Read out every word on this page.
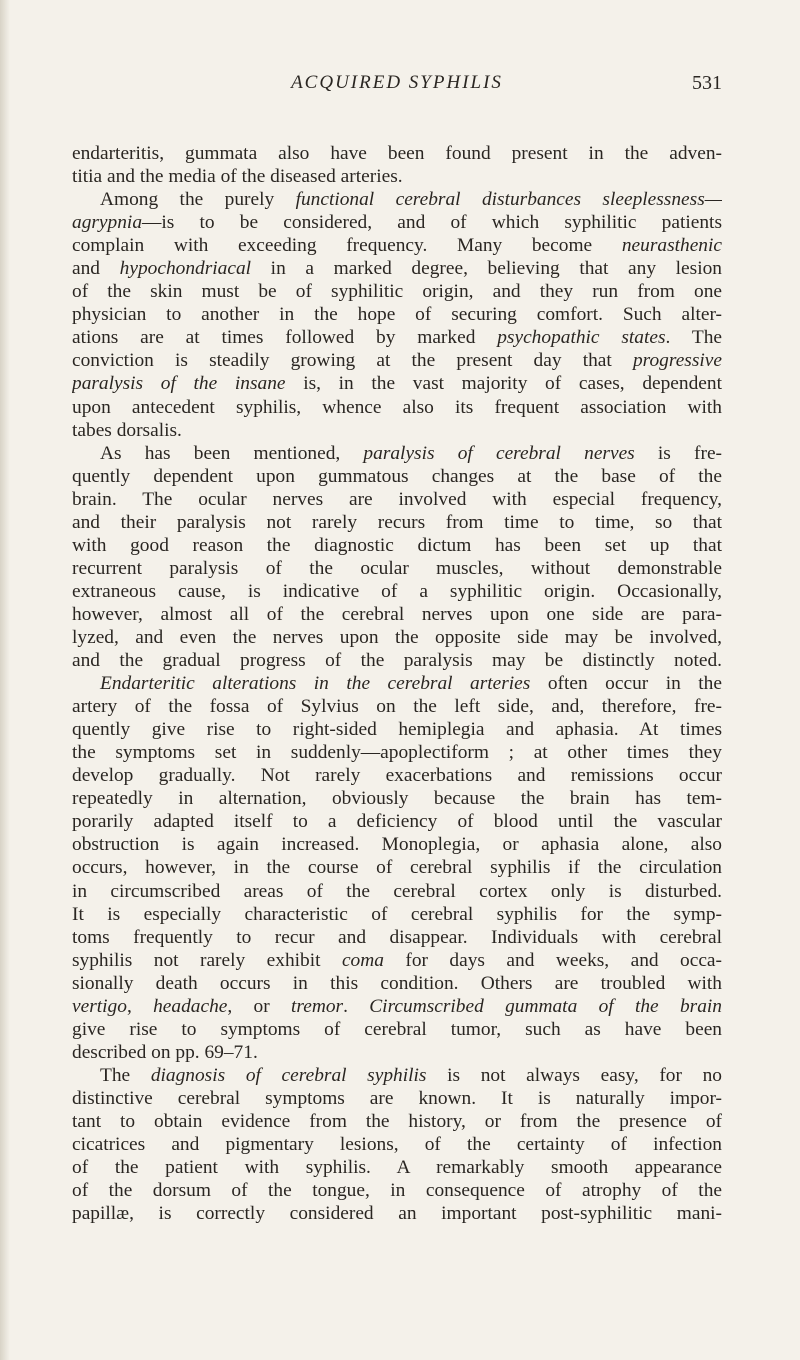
ACQUIRED SYPHILIS	531
endarteritis, gummata also have been found present in the adven-
titia and the media of the diseased arteries.
Among the purely functional cerebral disturbances sleeplessness—
agrypnia—is to be considered, and of which syphilitic patients
complain with exceeding frequency. Many become neurasthenic
and hypochondriacal in a marked degree, believing that any lesion
of the skin must be of syphilitic origin, and they run from one
physician to another in the hope of securing comfort. Such alter-
ations are at times followed by marked psychopathic states. The
conviction is steadily growing at the present day that progressive
paralysis of the insane is, in the vast majority of cases, dependent
upon antecedent syphilis, whence also its frequent association with
tabes dorsalis.
As has been mentioned, paralysis of cerebral nerves is fre-
quently dependent upon gummatous changes at the base of the
brain. The ocular nerves are involved with especial frequency,
and their paralysis not rarely recurs from time to time, so that
with good reason the diagnostic dictum has been set up that
recurrent paralysis of the ocular muscles, without demonstrable
extraneous cause, is indicative of a syphilitic origin. Occasionally,
however, almost all of the cerebral nerves upon one side are para-
lyzed, and even the nerves upon the opposite side may be involved,
and the gradual progress of the paralysis may be distinctly noted.
Endarteritic alterations in the cerebral arteries often occur in the
artery of the fossa of Sylvius on the left side, and, therefore, fre-
quently give rise to right-sided hemiplegia and aphasia. At times
the symptoms set in suddenly—apoplectiform ; at other times they
develop gradually. Not rarely exacerbations and remissions occur
repeatedly in alternation, obviously because the brain has tem-
porarily adapted itself to a deficiency of blood until the vascular
obstruction is again increased. Monoplegia, or aphasia alone, also
occurs, however, in the course of cerebral syphilis if the circulation
in circumscribed areas of the cerebral cortex only is disturbed.
It is especially characteristic of cerebral syphilis for the symp-
toms frequently to recur and disappear. Individuals with cerebral
syphilis not rarely exhibit coma for days and weeks, and occa-
sionally death occurs in this condition. Others are troubled with
vertigo, headache, or tremor. Circumscribed gummata of the brain
give rise to symptoms of cerebral tumor, such as have been
described on pp. 69–71.
The diagnosis of cerebral syphilis is not always easy, for no
distinctive cerebral symptoms are known. It is naturally impor-
tant to obtain evidence from the history, or from the presence of
cicatrices and pigmentary lesions, of the certainty of infection
of the patient with syphilis. A remarkably smooth appearance
of the dorsum of the tongue, in consequence of atrophy of the
papillæ, is correctly considered an important post-syphilitic mani-
